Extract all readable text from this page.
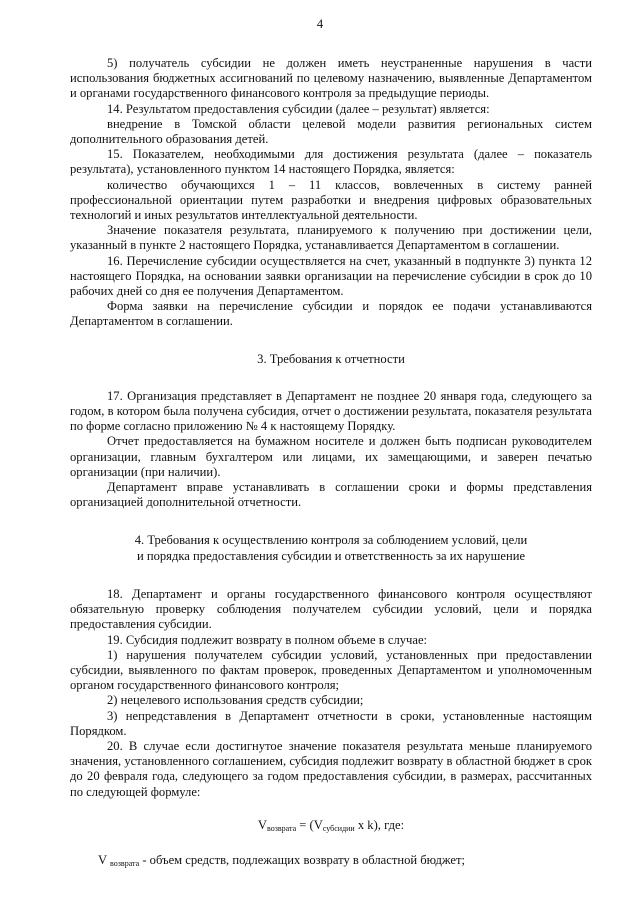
4

5) получатель субсидии не должен иметь неустраненные нарушения в части использования бюджетных ассигнований по целевому назначению, выявленные Департаментом и органами государственного финансового контроля за предыдущие периоды.

14. Результатом предоставления субсидии (далее – результат) является:

внедрение в Томской области целевой модели развития региональных систем дополнительного образования детей.

15. Показателем, необходимыми для достижения результата (далее – показатель результата), установленного пунктом 14 настоящего Порядка, является:

количество обучающихся 1 – 11 классов, вовлеченных в систему ранней профессиональной ориентации путем разработки и внедрения цифровых образовательных технологий и иных результатов интеллектуальной деятельности.

Значение показателя результата, планируемого к получению при достижении цели, указанный в пункте 2 настоящего Порядка, устанавливается Департаментом в соглашении.

16. Перечисление субсидии осуществляется на счет, указанный в подпункте 3) пункта 12 настоящего Порядка, на основании заявки организации на перечисление субсидии в срок до 10 рабочих дней со дня ее получения Департаментом.

Форма заявки на перечисление субсидии и порядок ее подачи устанавливаются Департаментом в соглашении.

3. Требования к отчетности

17. Организация представляет в Департамент не позднее 20 января года, следующего за годом, в котором была получена субсидия, отчет о достижении результата, показателя результата по форме согласно приложению № 4 к настоящему Порядку.

Отчет предоставляется на бумажном носителе и должен быть подписан руководителем организации, главным бухгалтером или лицами, их замещающими, и заверен печатью организации (при наличии).

Департамент вправе устанавливать в соглашении сроки и формы представления организацией дополнительной отчетности.

4. Требования к осуществлению контроля за соблюдением условий, цели
и порядка предоставления субсидии и ответственность за их нарушение

18. Департамент и органы государственного финансового контроля осуществляют обязательную проверку соблюдения получателем субсидии условий, цели и порядка предоставления субсидии.

19. Субсидия подлежит возврату в полном объеме в случае:

1) нарушения получателем субсидии условий, установленных при предоставлении субсидии, выявленного по фактам проверок, проведенных Департаментом и уполномоченным органом государственного финансового контроля;

2) нецелевого использования средств субсидии;

3) непредставления в Департамент отчетности в сроки, установленные настоящим Порядком.

20. В случае если достигнутое значение показателя результата меньше планируемого значения, установленного соглашением, субсидия подлежит возврату в областной бюджет в срок до 20 февраля года, следующего за годом предоставления субсидии, в размерах, рассчитанных по следующей формуле:

$V_{возврата} = (V_{субсидии}$ x k), где:

V $_{возврата}$ - объем средств, подлежащих возврату в областной бюджет;
